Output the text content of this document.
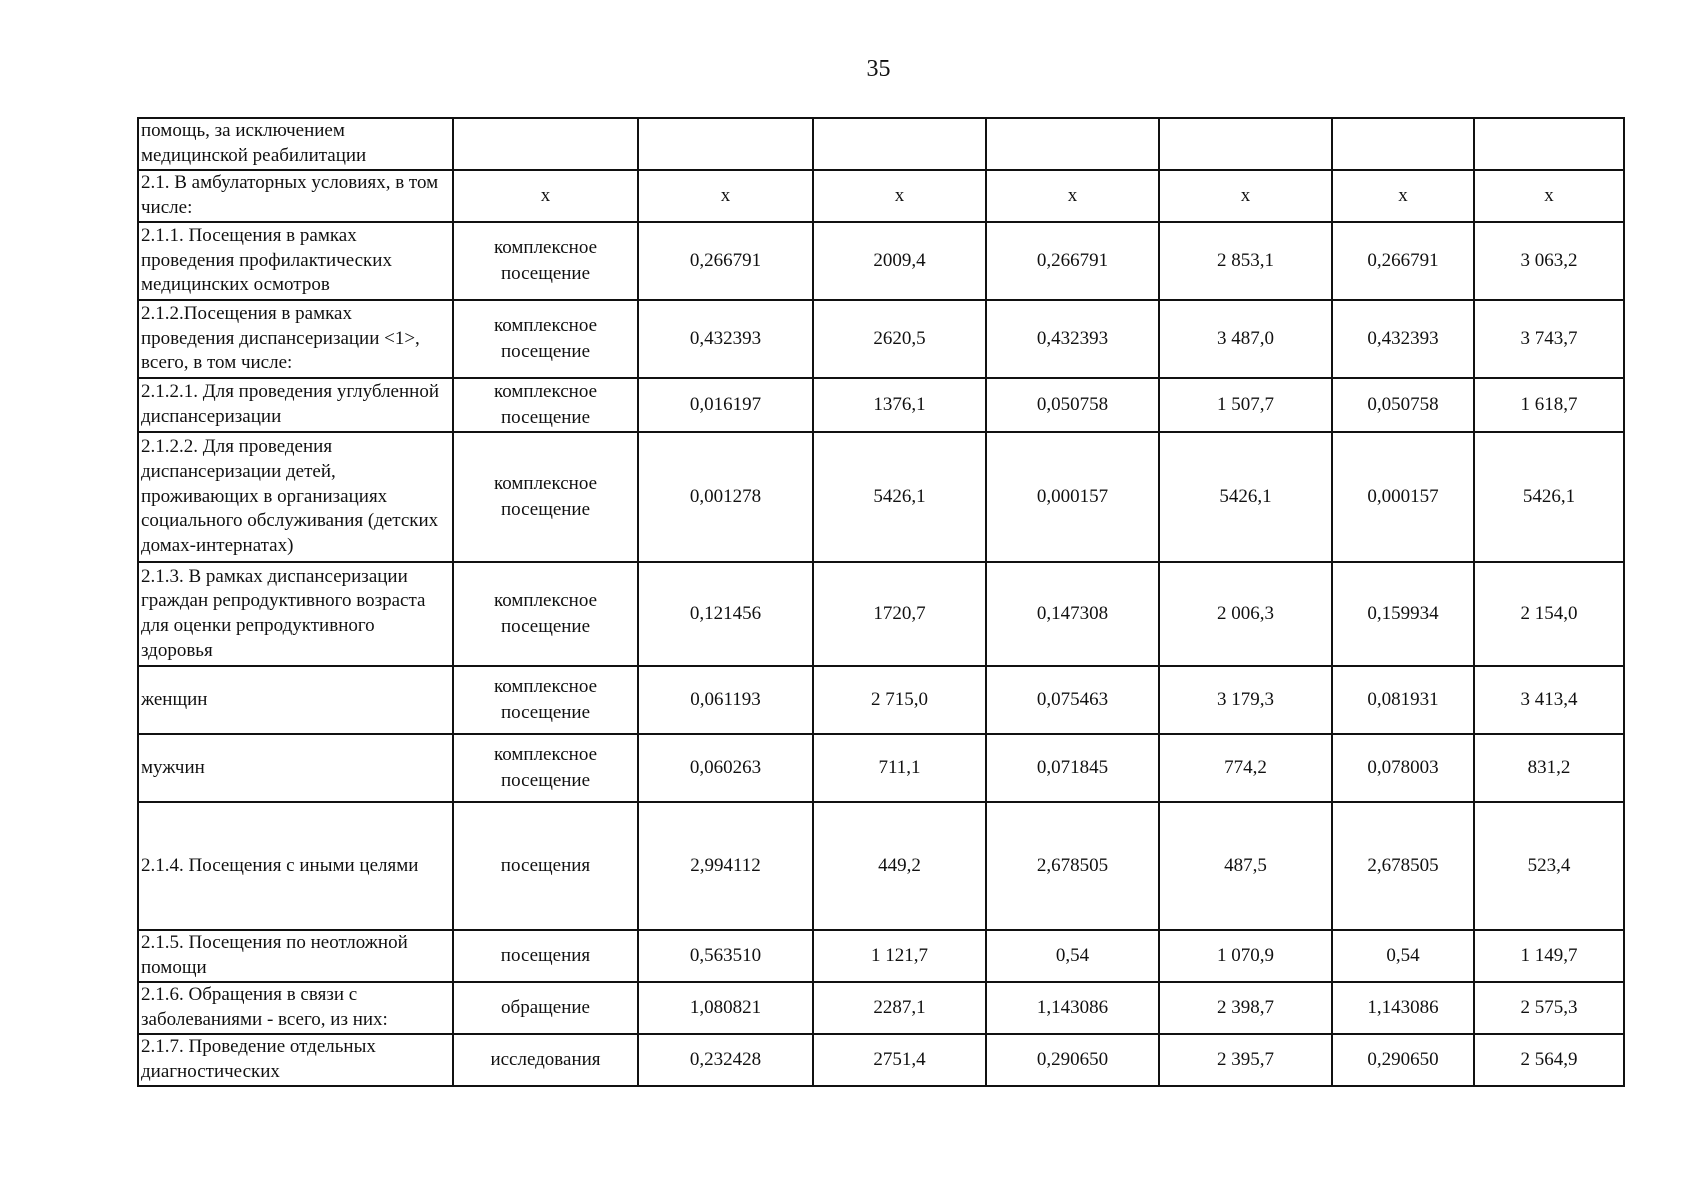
35
помощь, за исключением медицинской реабилитации							
2.1. В амбулаторных условиях, в том числе:	х	х	х	х	х	х	х
2.1.1. Посещения в рамках проведения профилактических медицинских осмотров	комплексное посещение	0,266791	2009,4	0,266791	2 853,1	0,266791	3 063,2
2.1.2.Посещения в рамках проведения диспансеризации <1>, всего, в том числе:	комплексное посещение	0,432393	2620,5	0,432393	3 487,0	0,432393	3 743,7
2.1.2.1. Для проведения углубленной диспансеризации	комплексное посещение	0,016197	1376,1	0,050758	1 507,7	0,050758	1 618,7
2.1.2.2. Для проведения диспансеризации детей, проживающих в организациях социального обслуживания (детских домах-интернатах)	комплексное посещение	0,001278	5426,1	0,000157	5426,1	0,000157	5426,1
2.1.3. В рамках диспансеризации граждан репродуктивного возраста для оценки репродуктивного здоровья	комплексное посещение	0,121456	1720,7	0,147308	2 006,3	0,159934	2 154,0
женщин	комплексное посещение	0,061193	2 715,0	0,075463	3 179,3	0,081931	3 413,4
мужчин	комплексное посещение	0,060263	711,1	0,071845	774,2	0,078003	831,2
2.1.4. Посещения с иными целями	посещения	2,994112	449,2	2,678505	487,5	2,678505	523,4
2.1.5. Посещения по неотложной помощи	посещения	0,563510	1 121,7	0,54	1 070,9	0,54	1 149,7
2.1.6. Обращения в связи с заболеваниями - всего, из них:	обращение	1,080821	2287,1	1,143086	2 398,7	1,143086	2 575,3
2.1.7. Проведение отдельных диагностических	исследования	0,232428	2751,4	0,290650	2 395,7	0,290650	2 564,9
